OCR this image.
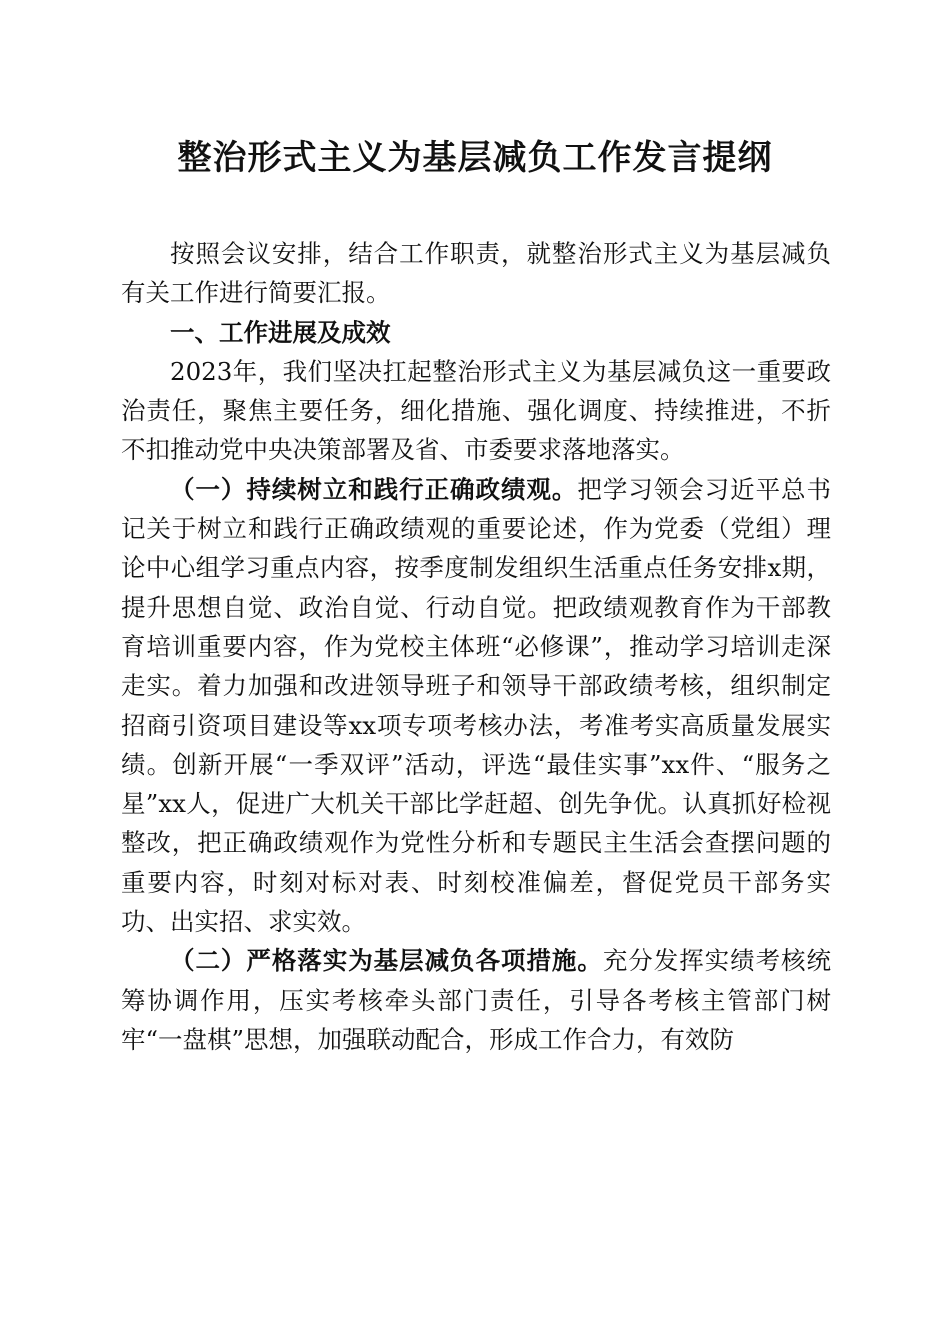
整治形式主义为基层减负工作发言提纲

按照会议安排，结合工作职责，就整治形式主义为基层减负有关工作进行简要汇报。

一、工作进展及成效

2023年，我们坚决扛起整治形式主义为基层减负这一重要政治责任，聚焦主要任务，细化措施、强化调度、持续推进，不折不扣推动党中央决策部署及省、市委要求落地落实。

（一）持续树立和践行正确政绩观。把学习领会习近平总书记关于树立和践行正确政绩观的重要论述，作为党委（党组）理论中心组学习重点内容，按季度制发组织生活重点任务安排x期，提升思想自觉、政治自觉、行动自觉。把政绩观教育作为干部教育培训重要内容，作为党校主体班“必修课”，推动学习培训走深走实。着力加强和改进领导班子和领导干部政绩考核，组织制定招商引资项目建设等xx项专项考核办法，考准考实高质量发展实绩。创新开展“一季双评”活动，评选“最佳实事”xx件、“服务之星”xx人，促进广大机关干部比学赶超、创先争优。认真抓好检视整改，把正确政绩观作为党性分析和专题民主生活会查摆问题的重要内容，时刻对标对表、时刻校准偏差，督促党员干部务实功、出实招、求实效。

（二）严格落实为基层减负各项措施。充分发挥实绩考核统筹协调作用，压实考核牵头部门责任，引导各考核主管部门树牢“一盘棋”思想，加强联动配合，形成工作合力，有效防
